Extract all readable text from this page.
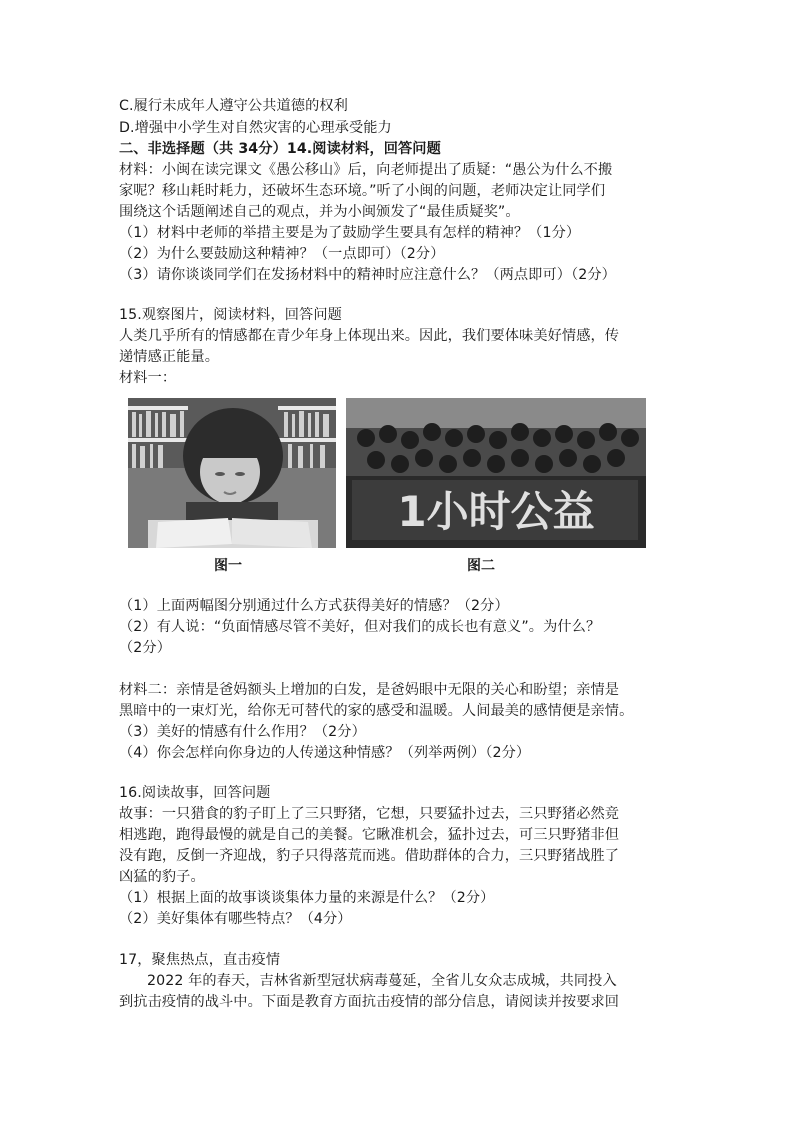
C.履行未成年人遵守公共道德的权利
D.增强中小学生对自然灾害的心理承受能力
二、非选择题（共 34分）14.阅读材料，回答问题
材料：小闽在读完课文《愚公移山》后，向老师提出了质疑：“愚公为什么不搬
家呢？移山耗时耗力，还破坏生态环境。”听了小闽的问题，老师决定让同学们
围绕这个话题阐述自己的观点，并为小闽颁发了“最佳质疑奖”。
（1）材料中老师的举措主要是为了鼓励学生要具有怎样的精神？（1分）
（2）为什么要鼓励这种精神？（一点即可）（2分）
（3）请你谈谈同学们在发扬材料中的精神时应注意什么？（两点即可）（2分）
15.观察图片，阅读材料，回答问题
人类几乎所有的情感都在青少年身上体现出来。因此，我们要体味美好情感，传
递情感正能量。
材料一：
1小时公益
图一	图二
（1）上面两幅图分别通过什么方式获得美好的情感？（2分）
（2）有人说：“负面情感尽管不美好，但对我们的成长也有意义”。为什么？
（2分）
材料二：亲情是爸妈额头上增加的白发，是爸妈眼中无限的关心和盼望；亲情是
黑暗中的一束灯光，给你无可替代的家的感受和温暖。人间最美的感情便是亲情。
（3）美好的情感有什么作用？（2分）
（4）你会怎样向你身边的人传递这种情感？（列举两例）（2分）
16.阅读故事，回答问题
故事：一只猎食的豹子盯上了三只野猪，它想，只要猛扑过去，三只野猪必然竞
相逃跑，跑得最慢的就是自己的美餐。它瞅准机会，猛扑过去，可三只野猪非但
没有跑，反倒一齐迎战，豹子只得落荒而逃。借助群体的合力，三只野猪战胜了
凶猛的豹子。
（1）根据上面的故事谈谈集体力量的来源是什么？（2分）
（2）美好集体有哪些特点？（4分）
17，聚焦热点，直击疫情
2022 年的春天，吉林省新型冠状病毒蔓延，全省儿女众志成城，共同投入
到抗击疫情的战斗中。下面是教育方面抗击疫情的部分信息，请阅读并按要求回
